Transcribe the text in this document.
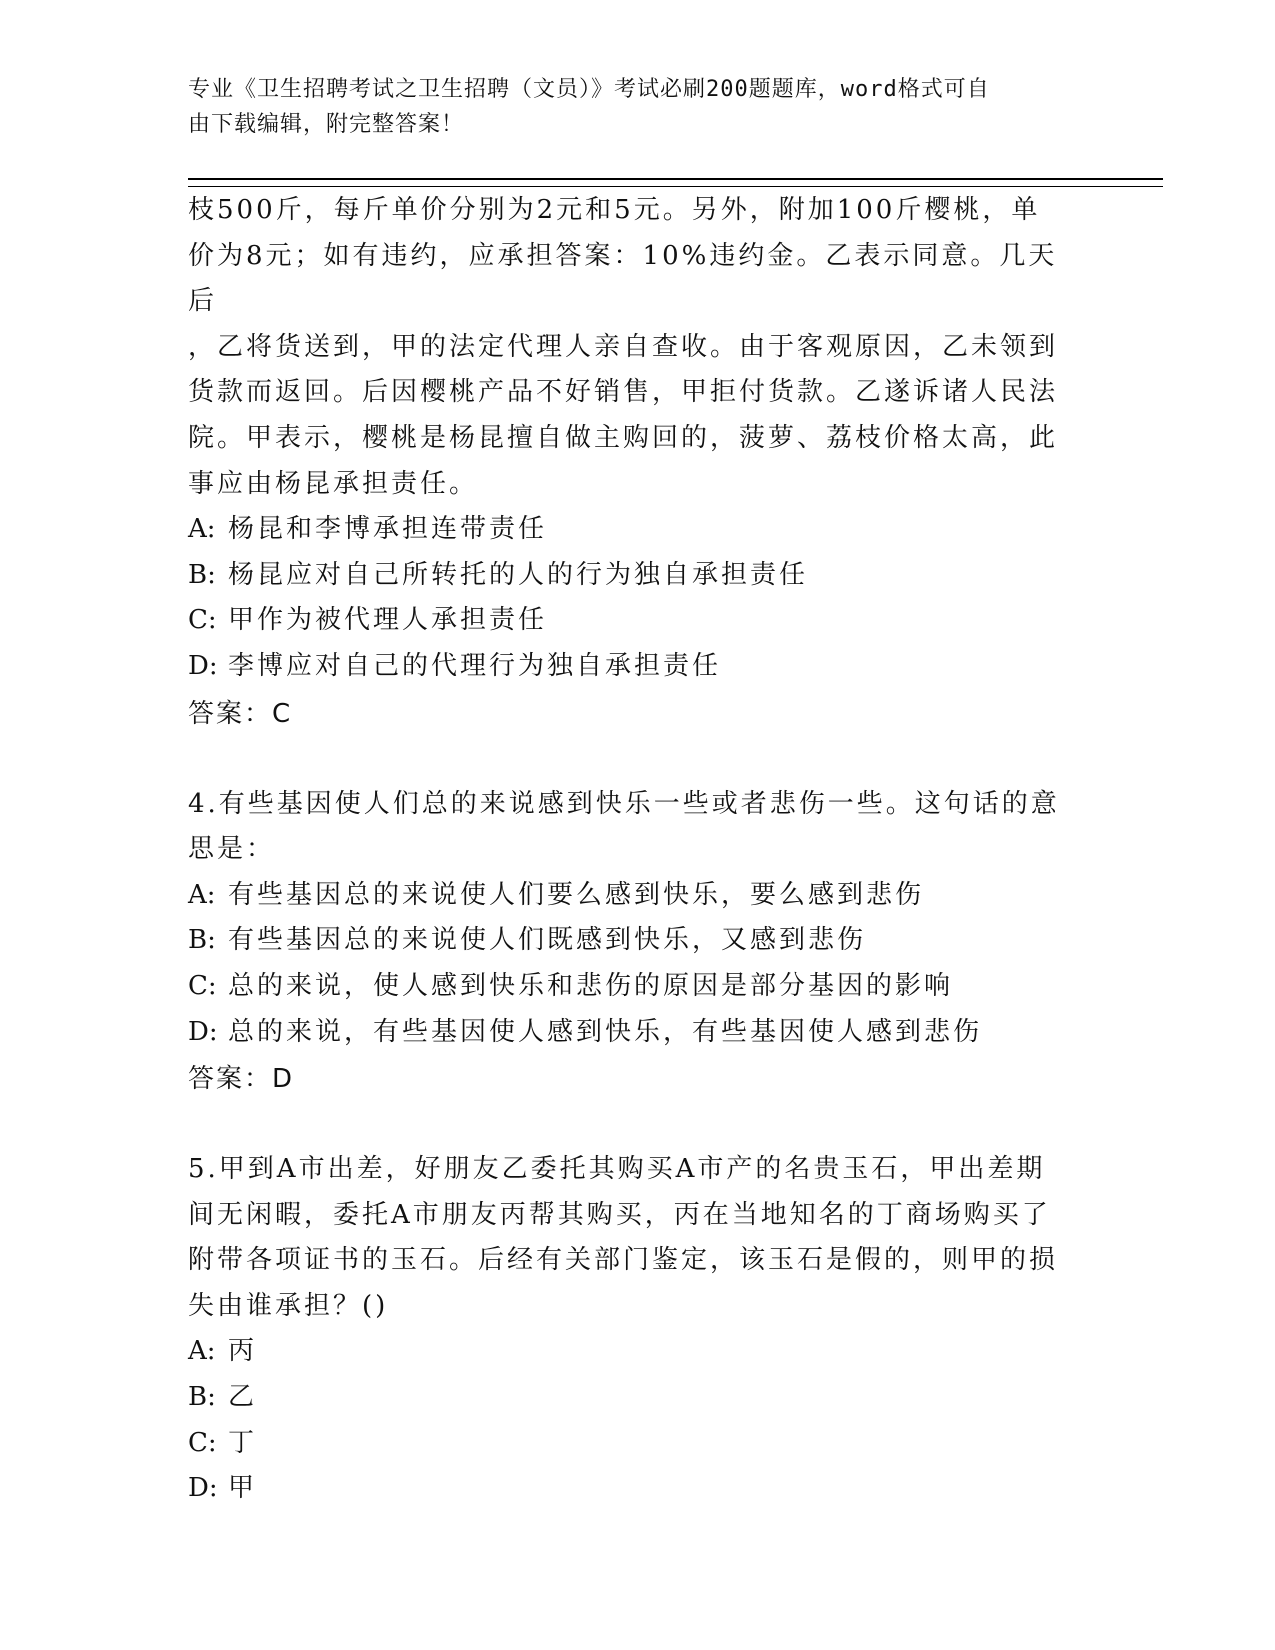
专业《卫生招聘考试之卫生招聘（文员）》考试必刷200题题库，word格式可自
由下载编辑，附完整答案！

枝500斤，每斤单价分别为2元和5元。另外，附加100斤樱桃，单

价为8元；如有违约，应承担答案：10%违约金。乙表示同意。几天后

，乙将货送到，甲的法定代理人亲自查收。由于客观原因，乙未领到

货款而返回。后因樱桃产品不好销售，甲拒付货款。乙遂诉诸人民法

院。甲表示，樱桃是杨昆擅自做主购回的，菠萝、荔枝价格太高，此

事应由杨昆承担责任。

A: 杨昆和李博承担连带责任

B: 杨昆应对自己所转托的人的行为独自承担责任

C: 甲作为被代理人承担责任

D: 李博应对自己的代理行为独自承担责任

答案：C

4.有些基因使人们总的来说感到快乐一些或者悲伤一些。这句话的意

思是：

A: 有些基因总的来说使人们要么感到快乐，要么感到悲伤

B: 有些基因总的来说使人们既感到快乐，又感到悲伤

C: 总的来说，使人感到快乐和悲伤的原因是部分基因的影响

D: 总的来说，有些基因使人感到快乐，有些基因使人感到悲伤

答案：D

5.甲到A市出差，好朋友乙委托其购买A市产的名贵玉石，甲出差期

间无闲暇，委托A市朋友丙帮其购买，丙在当地知名的丁商场购买了

附带各项证书的玉石。后经有关部门鉴定，该玉石是假的，则甲的损

失由谁承担？()

A: 丙

B: 乙

C: 丁

D: 甲
